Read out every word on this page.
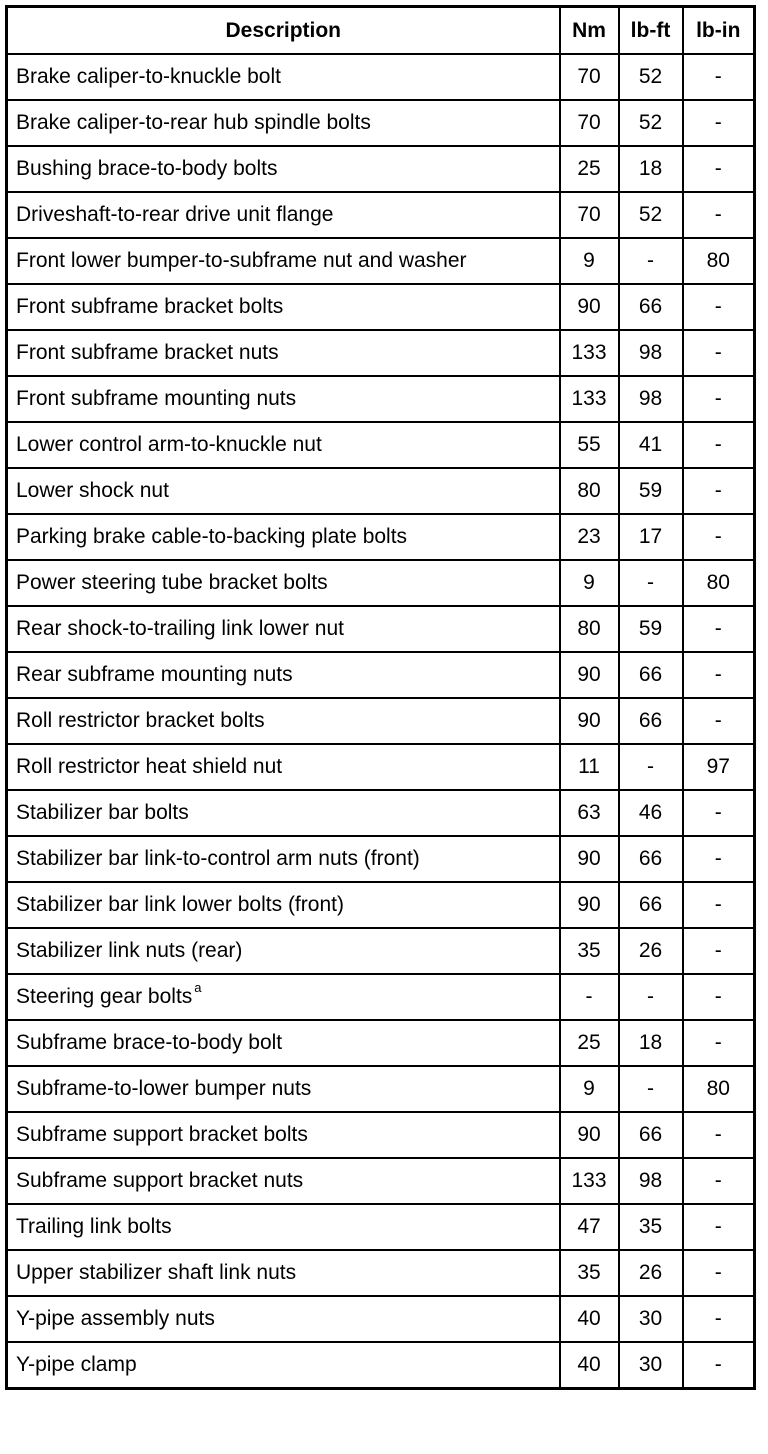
Description	Nm	lb-ft	lb-in
Brake caliper-to-knuckle bolt	70	52	-
Brake caliper-to-rear hub spindle bolts	70	52	-
Bushing brace-to-body bolts	25	18	-
Driveshaft-to-rear drive unit flange	70	52	-
Front lower bumper-to-subframe nut and washer	9	-	80
Front subframe bracket bolts	90	66	-
Front subframe bracket nuts	133	98	-
Front subframe mounting nuts	133	98	-
Lower control arm-to-knuckle nut	55	41	-
Lower shock nut	80	59	-
Parking brake cable-to-backing plate bolts	23	17	-
Power steering tube bracket bolts	9	-	80
Rear shock-to-trailing link lower nut	80	59	-
Rear subframe mounting nuts	90	66	-
Roll restrictor bracket bolts	90	66	-
Roll restrictor heat shield nut	11	-	97
Stabilizer bar bolts	63	46	-
Stabilizer bar link-to-control arm nuts (front)	90	66	-
Stabilizer bar link lower bolts (front)	90	66	-
Stabilizer link nuts (rear)	35	26	-
Steering gear bolts $^a$	-	-	-
Subframe brace-to-body bolt	25	18	-
Subframe-to-lower bumper nuts	9	-	80
Subframe support bracket bolts	90	66	-
Subframe support bracket nuts	133	98	-
Trailing link bolts	47	35	-
Upper stabilizer shaft link nuts	35	26	-
Y-pipe assembly nuts	40	30	-
Y-pipe clamp	40	30	-
